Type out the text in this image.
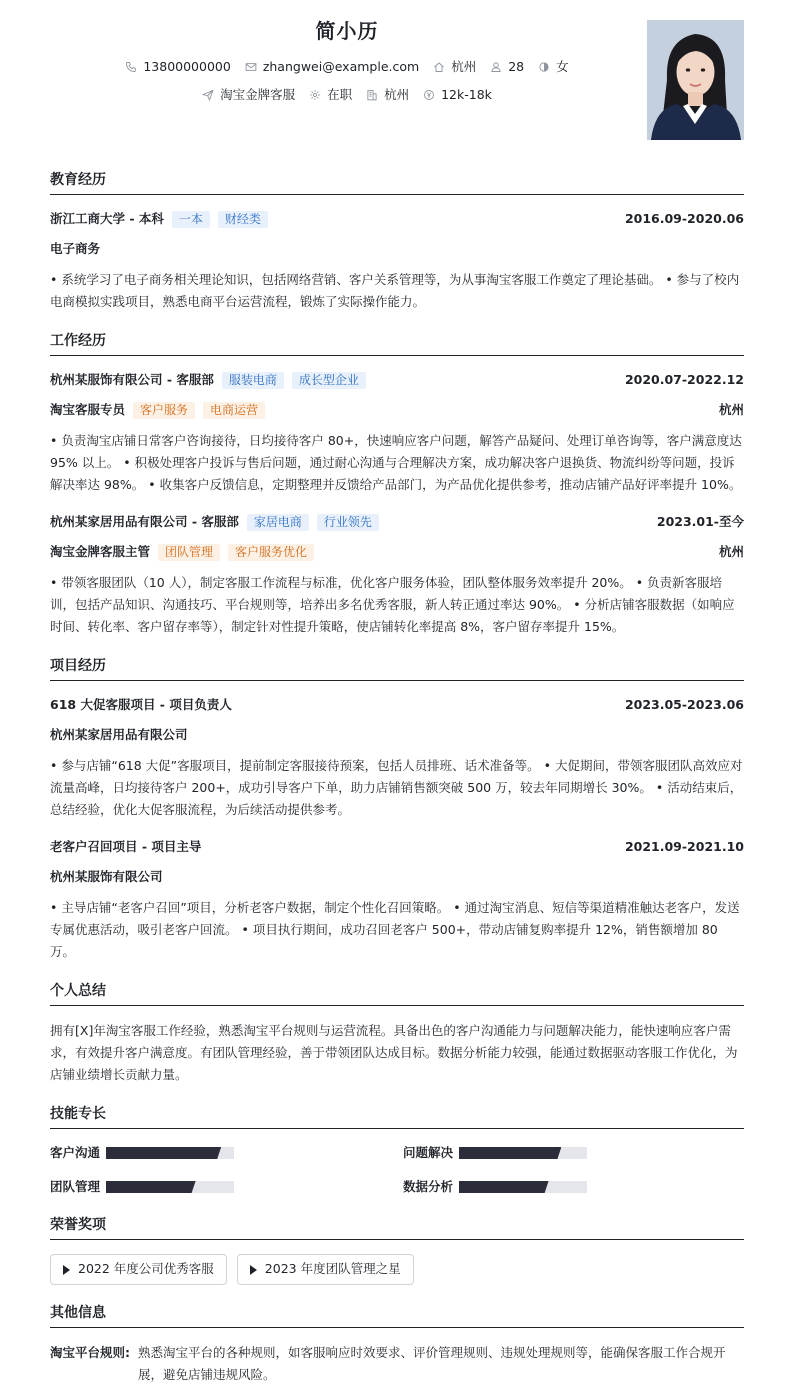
简小历
13800000000	zhangwei@example.com	杭州	28	女
淘宝金牌客服	在职	杭州	12k-18k
教育经历
浙江工商大学 - 本科	一本	财经类	2016.09-2020.06
电子商务
• 系统学习了电子商务相关理论知识，包括网络营销、客户关系管理等，为从事淘宝客服工作奠定了理论基础。 • 参与了校内电商模拟实践项目，熟悉电商平台运营流程，锻炼了实际操作能力。
工作经历
杭州某服饰有限公司 - 客服部	服装电商	成长型企业	2020.07-2022.12
淘宝客服专员	客户服务	电商运营	杭州
• 负责淘宝店铺日常客户咨询接待，日均接待客户 80+，快速响应客户问题，解答产品疑问、处理订单咨询等，客户满意度达 95% 以上。 • 积极处理客户投诉与售后问题，通过耐心沟通与合理解决方案，成功解决客户退换货、物流纠纷等问题，投诉解决率达 98%。 • 收集客户反馈信息，定期整理并反馈给产品部门，为产品优化提供参考，推动店铺产品好评率提升 10%。
杭州某家居用品有限公司 - 客服部	家居电商	行业领先	2023.01-至今
淘宝金牌客服主管	团队管理	客户服务优化	杭州
• 带领客服团队（10 人），制定客服工作流程与标准，优化客户服务体验，团队整体服务效率提升 20%。 • 负责新客服培训，包括产品知识、沟通技巧、平台规则等，培养出多名优秀客服，新人转正通过率达 90%。 • 分析店铺客服数据（如响应时间、转化率、客户留存率等），制定针对性提升策略，使店铺转化率提高 8%，客户留存率提升 15%。
项目经历
618 大促客服项目 - 项目负责人	2023.05-2023.06
杭州某家居用品有限公司
• 参与店铺“618 大促”客服项目，提前制定客服接待预案，包括人员排班、话术准备等。 • 大促期间，带领客服团队高效应对流量高峰，日均接待客户 200+，成功引导客户下单，助力店铺销售额突破 500 万，较去年同期增长 30%。 • 活动结束后，总结经验，优化大促客服流程，为后续活动提供参考。
老客户召回项目 - 项目主导	2021.09-2021.10
杭州某服饰有限公司
• 主导店铺“老客户召回”项目，分析老客户数据，制定个性化召回策略。 • 通过淘宝消息、短信等渠道精准触达老客户，发送专属优惠活动，吸引老客户回流。 • 项目执行期间，成功召回老客户 500+，带动店铺复购率提升 12%，销售额增加 80 万。
个人总结
拥有[X]年淘宝客服工作经验，熟悉淘宝平台规则与运营流程。具备出色的客户沟通能力与问题解决能力，能快速响应客户需求，有效提升客户满意度。有团队管理经验，善于带领团队达成目标。数据分析能力较强，能通过数据驱动客服工作优化，为店铺业绩增长贡献力量。
技能专长
客户沟通	问题解决
团队管理	数据分析
荣誉奖项
2022 年度公司优秀客服	2023 年度团队管理之星
其他信息
淘宝平台规则: 熟悉淘宝平台的各种规则，如客服响应时效要求、评价管理规则、违规处理规则等，能确保客服工作合规开展，避免店铺违规风险。
